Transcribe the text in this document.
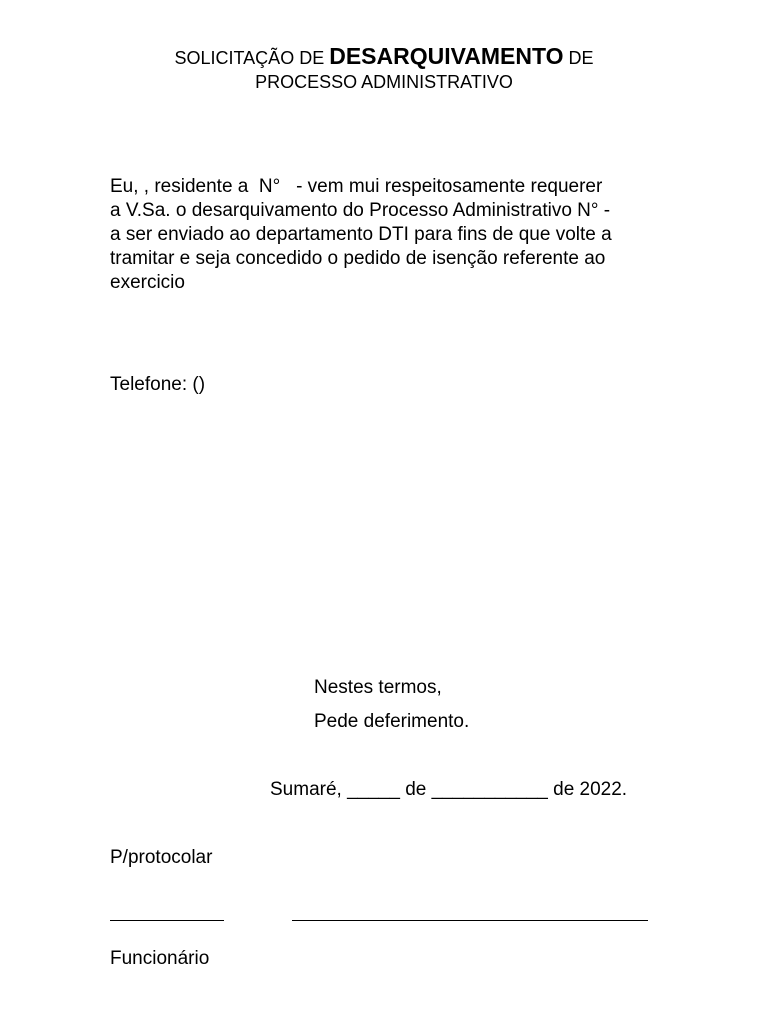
SOLICITAÇÃO DE DESARQUIVAMENTO DE
PROCESSO ADMINISTRATIVO
Eu, , residente a  N°   - vem mui respeitosamente requerer
a V.Sa. o desarquivamento do Processo Administrativo N° -
a ser enviado ao departamento DTI para fins de que volte a
tramitar e seja concedido o pedido de isenção referente ao
exercicio
Telefone: ()
Nestes termos,
Pede deferimento.
Sumaré, _____ de ___________ de 2022.
P/protocolar
Funcionário
